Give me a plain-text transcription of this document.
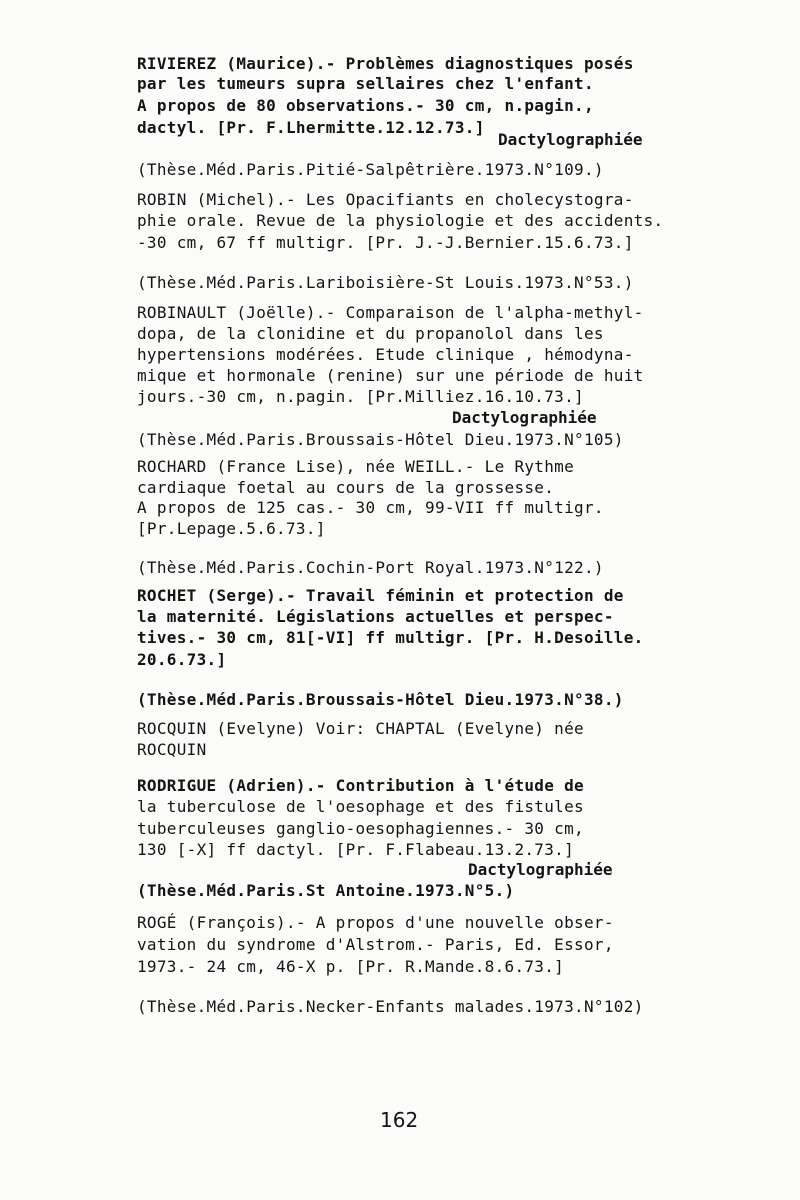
RIVIEREZ (Maurice).- Problèmes diagnostiques posés
par les tumeurs supra sellaires chez l'enfant.
A propos de 80 observations.- 30 cm, n.pagin.,
dactyl. [Pr. F.Lhermitte.12.12.73.]
Dactylographiée
(Thèse.Méd.Paris.Pitié-Salpêtrière.1973.N°109.)
ROBIN (Michel).- Les Opacifiants en cholecystogra-
phie orale. Revue de la physiologie et des accidents.
-30 cm, 67 ff multigr. [Pr. J.-J.Bernier.15.6.73.]
(Thèse.Méd.Paris.Lariboisière-St Louis.1973.N°53.)
ROBINAULT (Joëlle).- Comparaison de l'alpha-methyl-
dopa, de la clonidine et du propanolol dans les
hypertensions modérées. Etude clinique , hémodyna-
mique et hormonale (renine) sur une période de huit
jours.-30 cm, n.pagin. [Pr.Milliez.16.10.73.]
Dactylographiée
(Thèse.Méd.Paris.Broussais-Hôtel Dieu.1973.N°105)
ROCHARD (France Lise), née WEILL.- Le Rythme
cardiaque foetal au cours de la grossesse.
A propos de 125 cas.- 30 cm, 99-VII ff multigr.
[Pr.Lepage.5.6.73.]
(Thèse.Méd.Paris.Cochin-Port Royal.1973.N°122.)
ROCHET (Serge).- Travail féminin et protection de
la maternité. Législations actuelles et perspec-
tives.- 30 cm, 81[-VI] ff multigr. [Pr. H.Desoille.
20.6.73.]
(Thèse.Méd.Paris.Broussais-Hôtel Dieu.1973.N°38.)
ROCQUIN (Evelyne) Voir: CHAPTAL (Evelyne) née
ROCQUIN
RODRIGUE (Adrien).- Contribution à l'étude de
la tuberculose de l'oesophage et des fistules
tuberculeuses ganglio-oesophagiennes.- 30 cm,
130 [-X] ff dactyl. [Pr. F.Flabeau.13.2.73.]
Dactylographiée
(Thèse.Méd.Paris.St Antoine.1973.N°5.)
ROGÉ (François).- A propos d'une nouvelle obser-
vation du syndrome d'Alstrom.- Paris, Ed. Essor,
1973.- 24 cm, 46-X p. [Pr. R.Mande.8.6.73.]
(Thèse.Méd.Paris.Necker-Enfants malades.1973.N°102)
162
